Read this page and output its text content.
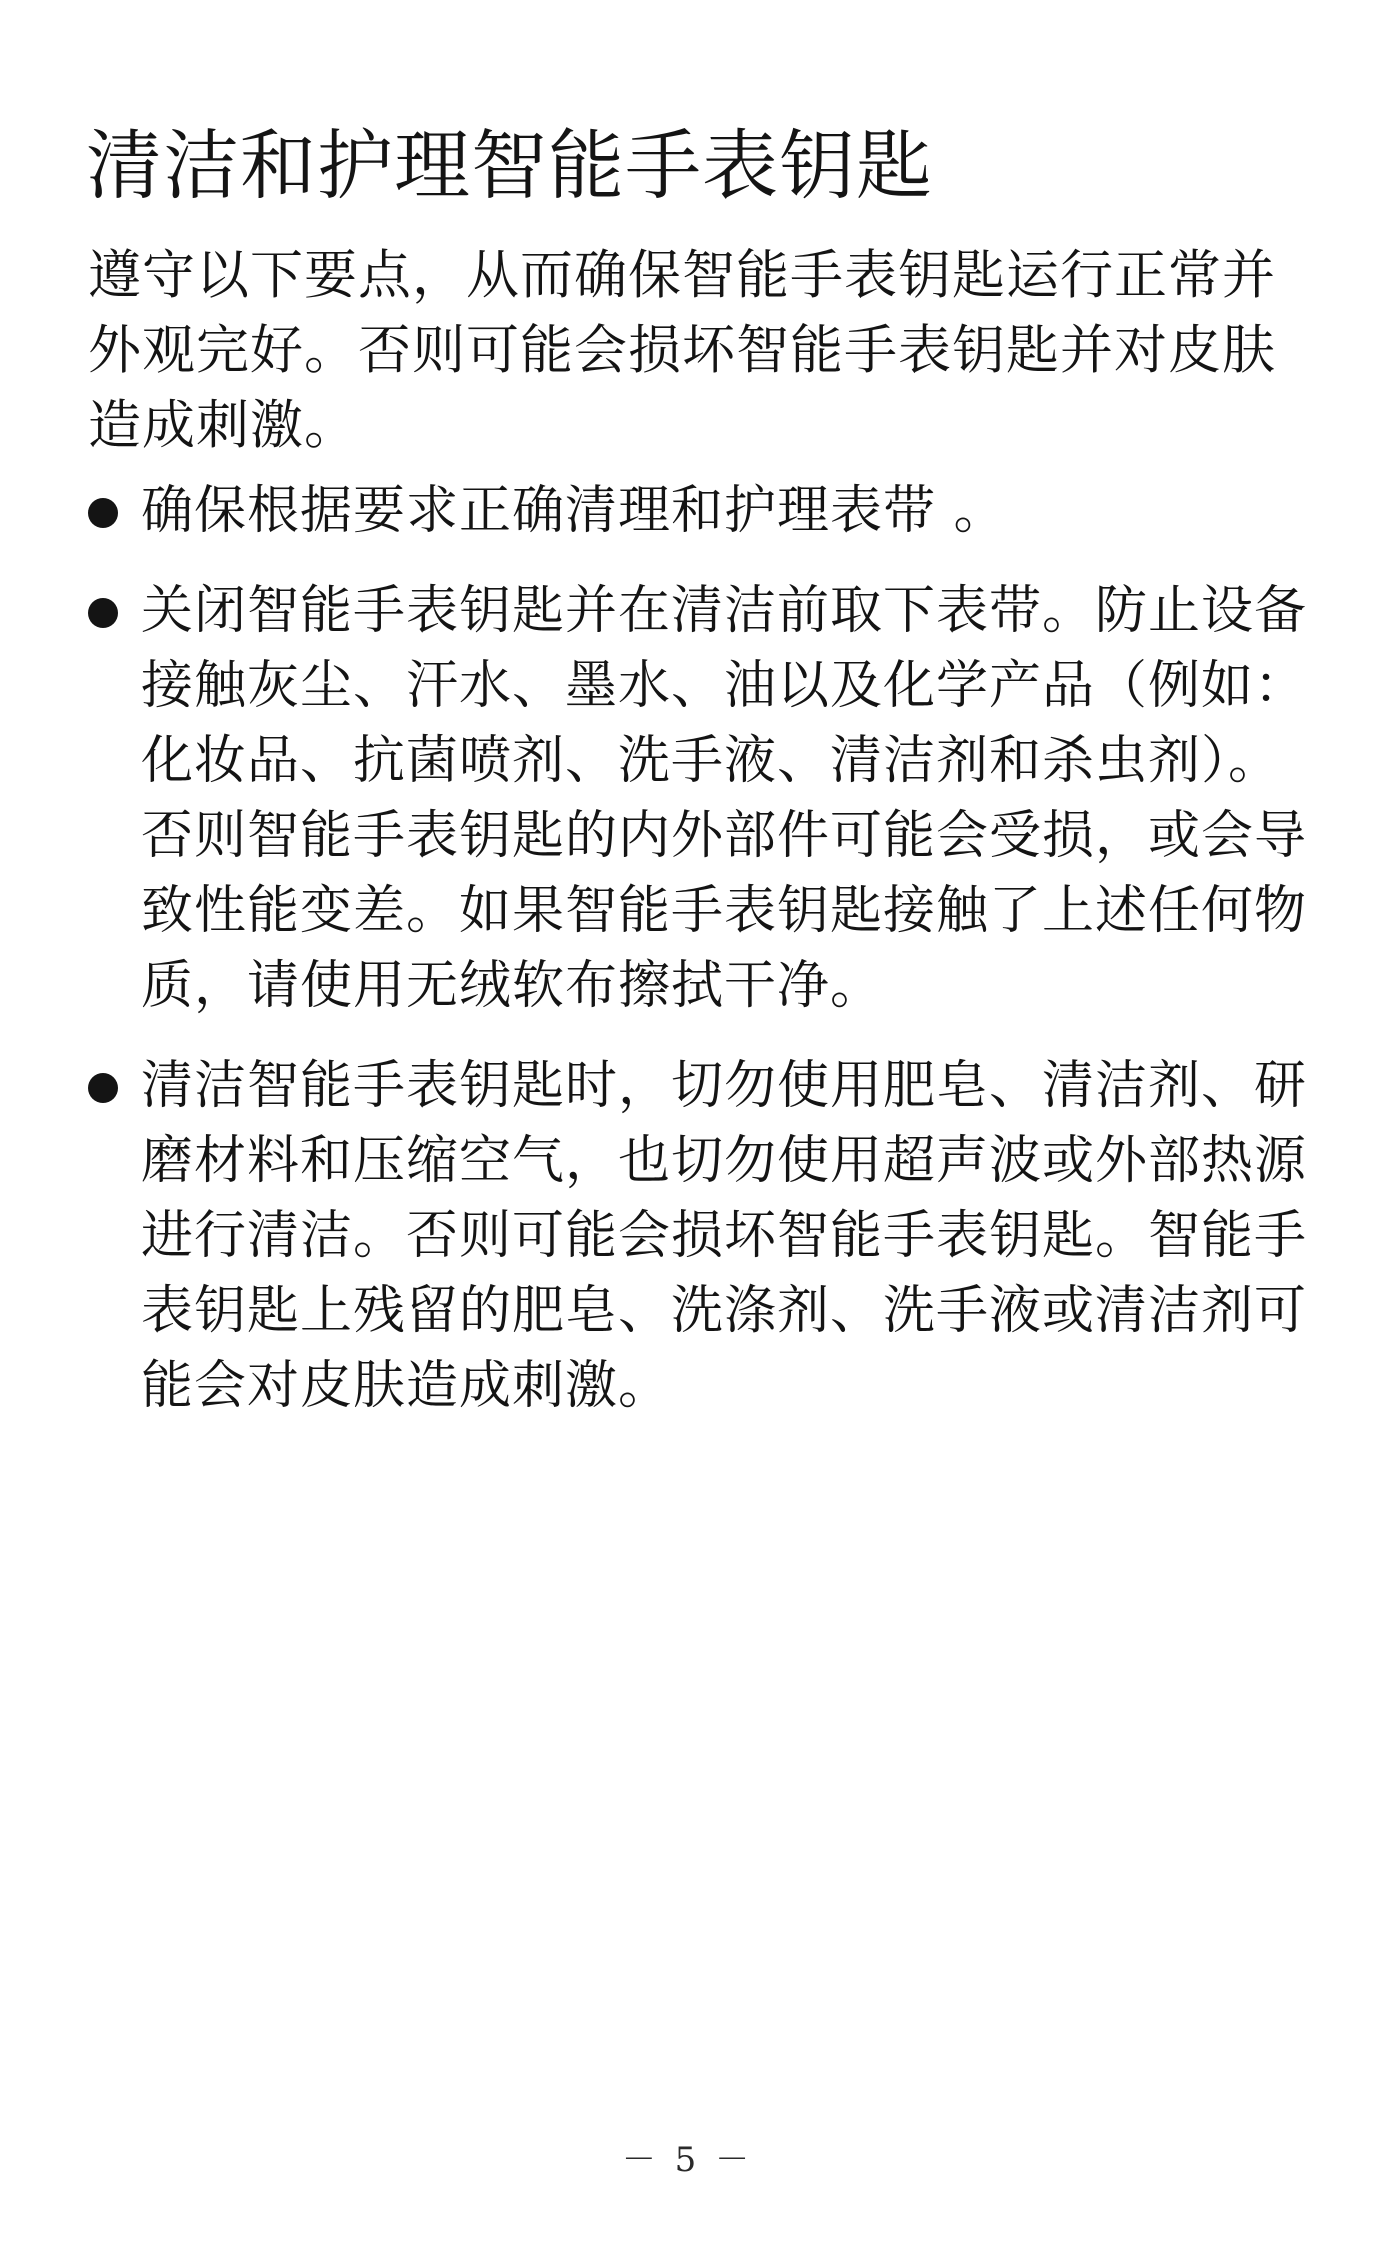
清洁和护理智能手表钥匙

遵守以下要点，从而确保智能手表钥匙运行正常并外观完好。否则可能会损坏智能手表钥匙并对皮肤造成刺激。

确保根据要求正确清理和护理表带 。
关闭智能手表钥匙并在清洁前取下表带。防止设备接触灰尘、汗水、墨水、油以及化学产品（例如：化妆品、抗菌喷剂、洗手液、清洁剂和杀虫剂）。否则智能手表钥匙的内外部件可能会受损，或会导致性能变差。如果智能手表钥匙接触了上述任何物质，请使用无绒软布擦拭干净。
清洁智能手表钥匙时，切勿使用肥皂、清洁剂、研磨材料和压缩空气，也切勿使用超声波或外部热源进行清洁。否则可能会损坏智能手表钥匙。智能手表钥匙上残留的肥皂、洗涤剂、洗手液或清洁剂可能会对皮肤造成刺激。
－ 5 －
